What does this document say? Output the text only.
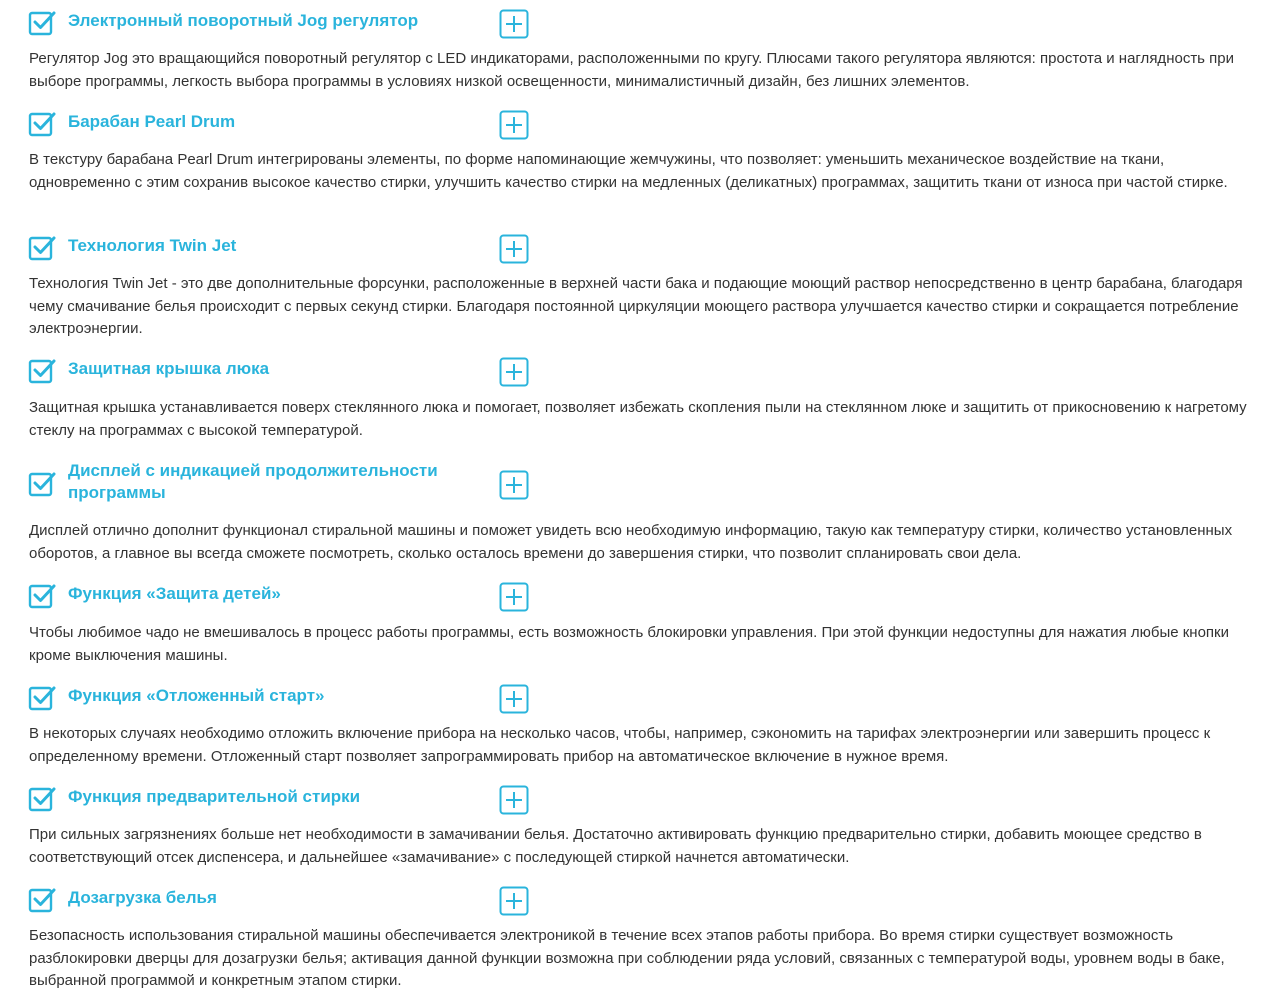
Электронный поворотный Jog регулятор

Регулятор Jog это вращающийся поворотный регулятор с LED индикаторами, расположенными по кругу. Плюсами такого регулятора являются: простота и наглядность при выборе программы, легкость выбора программы в условиях низкой освещенности, минималистичный дизайн, без лишних элементов.

Барабан Pearl Drum

В текстуру барабана Pearl Drum интегрированы элементы, по форме напоминающие жемчужины, что позволяет: уменьшить механическое воздействие на ткани, одновременно с этим сохранив высокое качество стирки, улучшить качество стирки на медленных (деликатных) программах, защитить ткани от износа при частой стирке.

Технология Twin Jet

Технология Twin Jet - это две дополнительные форсунки, расположенные в верхней части бака и подающие моющий раствор непосредственно в центр барабана, благодаря чему смачивание белья происходит с первых секунд стирки. Благодаря постоянной циркуляции моющего раствора улучшается качество стирки и сокращается потребление электроэнергии.

Защитная крышка люка

Защитная крышка устанавливается поверх стеклянного люка и помогает, позволяет избежать скопления пыли на стеклянном люке и защитить от прикосновению к нагретому стеклу на программах с высокой температурой.

Дисплей с индикацией продолжительности программы

Дисплей отлично дополнит функционал стиральной машины и поможет увидеть всю необходимую информацию, такую как температуру стирки, количество установленных оборотов, а главное вы всегда сможете посмотреть, сколько осталось времени до завершения стирки, что позволит спланировать свои дела.

Функция «Защита детей»

Чтобы любимое чадо не вмешивалось в процесс работы программы, есть возможность блокировки управления. При этой функции недоступны для нажатия любые кнопки кроме выключения машины.

Функция «Отложенный старт»

В некоторых случаях необходимо отложить включение прибора на несколько часов, чтобы, например, сэкономить на тарифах электроэнергии или завершить процесс к определенному времени. Отложенный старт позволяет запрограммировать прибор на автоматическое включение в нужное время.

Функция предварительной стирки

При сильных загрязнениях больше нет необходимости в замачивании белья. Достаточно активировать функцию предварительно стирки, добавить моющее средство в соответствующий отсек диспенсера, и дальнейшее «замачивание» с последующей стиркой начнется автоматически.

Дозагрузка белья

Безопасность использования стиральной машины обеспечивается электроникой в течение всех этапов работы прибора. Во время стирки существует возможность разблокировки дверцы для дозагрузки белья; активация данной функции возможна при соблюдении ряда условий, связанных с температурой воды, уровнем воды в баке, выбранной программой и конкретным этапом стирки.
